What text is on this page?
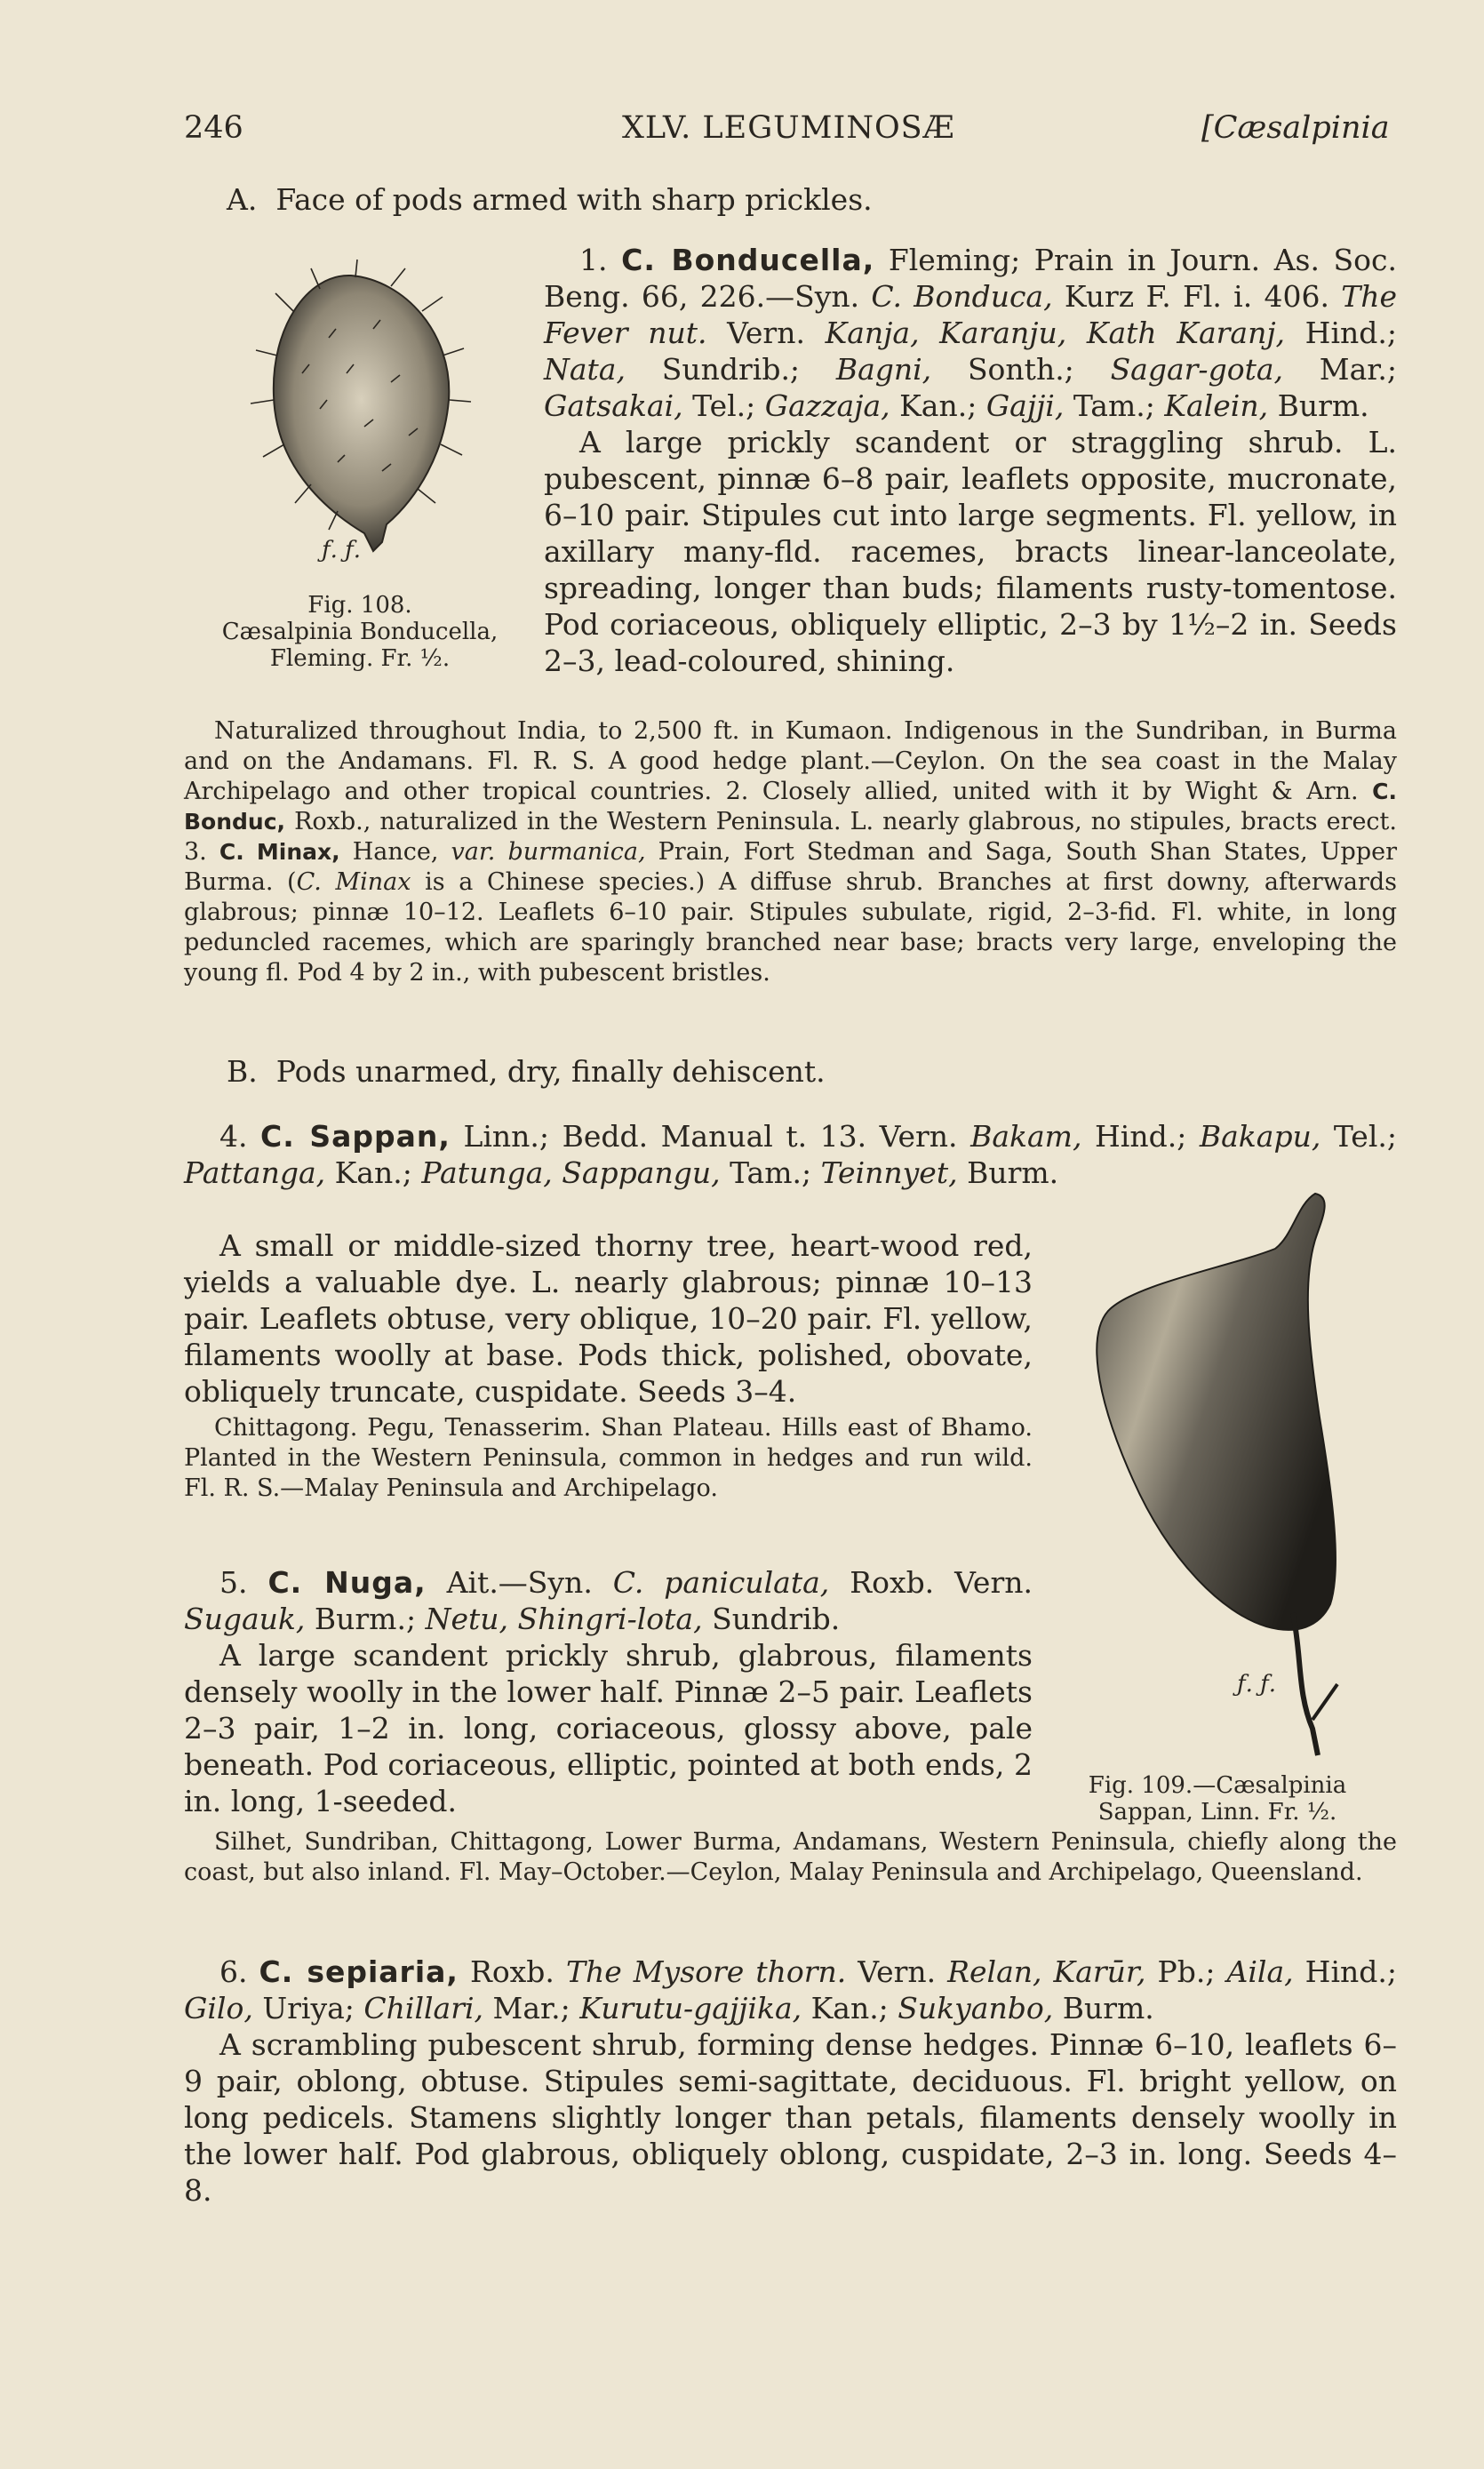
246	XLV. LEGUMINOSÆ	[Cæsalpinia
A. Face of pods armed with sharp prickles.
ƒ. ƒ.
Fig. 108.
Cæsalpinia Bonducella,
Fleming. Fr. ½.

1. C. Bonducella, Fleming; Prain in Journ. As. Soc. Beng. 66, 226.—Syn. C. Bonduca, Kurz F. Fl. i. 406. The Fever nut. Vern. Kanja, Karanju, Kath Karanj, Hind.; Nata, Sundrib.; Bagni, Sonth.; Sagar-gota, Mar.; Gatsakai, Tel.; Gazzaja, Kan.; Gajji, Tam.; Kalein, Burm.

A large prickly scandent or straggling shrub. L. pubescent, pinnæ 6–8 pair, leaflets opposite, mucronate, 6–10 pair. Stipules cut into large segments. Fl. yellow, in axillary many-fld. racemes, bracts linear-lanceolate, spreading, longer than buds; filaments rusty-tomentose. Pod coriaceous, obliquely elliptic, 2–3 by 1½–2 in. Seeds 2–3, lead-coloured, shining.

Naturalized throughout India, to 2,500 ft. in Kumaon. Indigenous in the Sundriban, in Burma and on the Andamans. Fl. R. S. A good hedge plant.—Ceylon. On the sea coast in the Malay Archipelago and other tropical countries. 2. Closely allied, united with it by Wight & Arn. C. Bonduc, Roxb., naturalized in the Western Peninsula. L. nearly glabrous, no stipules, bracts erect. 3. C. Minax, Hance, var. burmanica, Prain, Fort Stedman and Saga, South Shan States, Upper Burma. (C. Minax is a Chinese species.) A diffuse shrub. Branches at first downy, afterwards glabrous; pinnæ 10–12. Leaflets 6–10 pair. Stipules subulate, rigid, 2–3-fid. Fl. white, in long peduncled racemes, which are sparingly branched near base; bracts very large, enveloping the young fl. Pod 4 by 2 in., with pubescent bristles.

B. Pods unarmed, dry, finally dehiscent.

4. C. Sappan, Linn.; Bedd. Manual t. 13. Vern. Bakam, Hind.; Bakapu, Tel.; Pattanga, Kan.; Patunga, Sappangu, Tam.; Teinnyet, Burm.

A small or middle-sized thorny tree, heart-wood red, yields a valuable dye. L. nearly glabrous; pinnæ 10–13 pair. Leaflets obtuse, very oblique, 10–20 pair. Fl. yellow, filaments woolly at base. Pods thick, polished, obovate, obliquely truncate, cuspidate. Seeds 3–4.

Chittagong. Pegu, Tenasserim. Shan Plateau. Hills east of Bhamo. Planted in the Western Peninsula, common in hedges and run wild. Fl. R. S.—Malay Peninsula and Archipelago.

5. C. Nuga, Ait.—Syn. C. paniculata, Roxb. Vern. Sugauk, Burm.; Netu, Shingri-lota, Sundrib.

A large scandent prickly shrub, glabrous, filaments densely woolly in the lower half. Pinnæ 2–5 pair. Leaflets 2–3 pair, 1–2 in. long, coriaceous, glossy above, pale beneath. Pod coriaceous, elliptic, pointed at both ends, 2 in. long, 1-seeded.

Silhet, Sundriban, Chittagong, Lower Burma, Andamans, Western Peninsula, chiefly along the coast, but also inland. Fl. May–October.—Ceylon, Malay Peninsula and Archipelago, Queensland.

ƒ. ƒ.
Fig. 109.—Cæsalpinia
Sappan, Linn. Fr. ½.

6. C. sepiaria, Roxb. The Mysore thorn. Vern. Relan, Karūr, Pb.; Aila, Hind.; Gilo, Uriya; Chillari, Mar.; Kurutu-gajjika, Kan.; Sukyanbo, Burm.

A scrambling pubescent shrub, forming dense hedges. Pinnæ 6–10, leaflets 6–9 pair, oblong, obtuse. Stipules semi-sagittate, deciduous. Fl. bright yellow, on long pedicels. Stamens slightly longer than petals, filaments densely woolly in the lower half. Pod glabrous, obliquely oblong, cuspidate, 2–3 in. long. Seeds 4–8.
